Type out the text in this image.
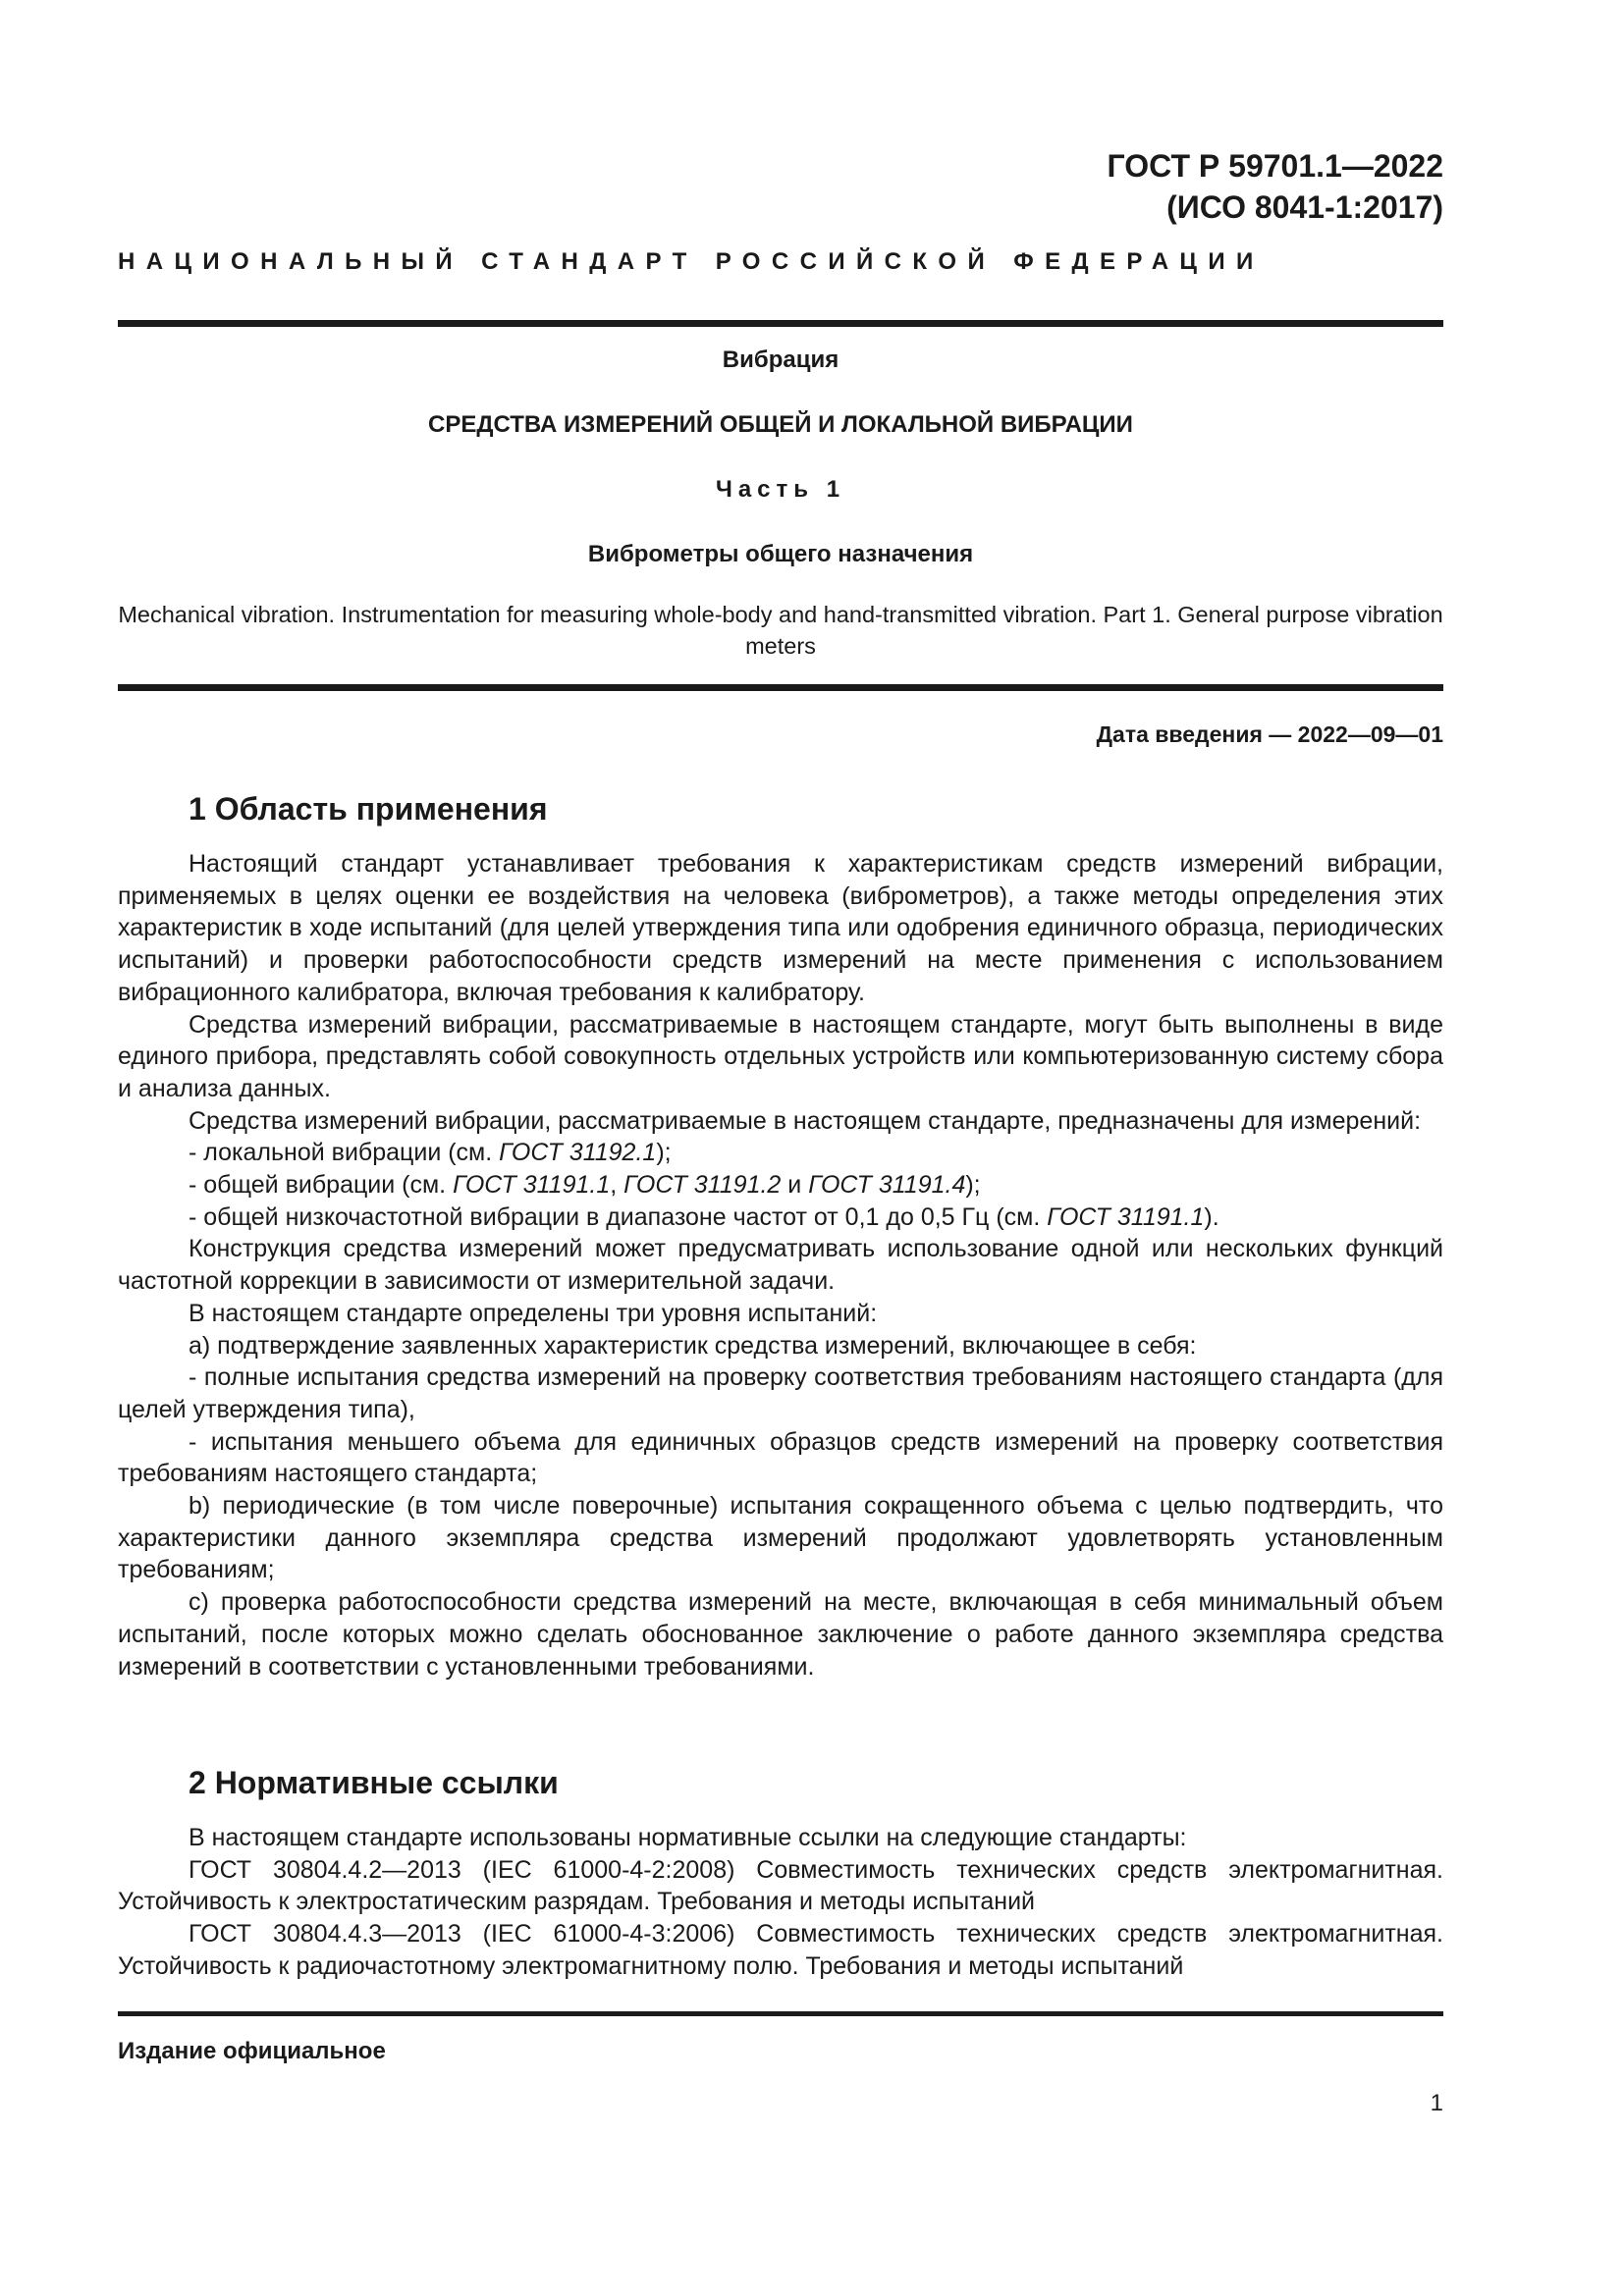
ГОСТ Р 59701.1—2022
(ИСО 8041-1:2017)
НАЦИОНАЛЬНЫЙ СТАНДАРТ РОССИЙСКОЙ ФЕДЕРАЦИИ
Вибрация
СРЕДСТВА ИЗМЕРЕНИЙ ОБЩЕЙ И ЛОКАЛЬНОЙ ВИБРАЦИИ
Часть 1
Виброметры общего назначения
Mechanical vibration. Instrumentation for measuring whole-body and hand-transmitted vibration. Part 1. General purpose vibration meters
Дата введения — 2022—09—01
1 Область применения

Настоящий стандарт устанавливает требования к характеристикам средств измерений вибрации, применяемых в целях оценки ее воздействия на человека (виброметров), а также методы определения этих характеристик в ходе испытаний (для целей утверждения типа или одобрения единичного образца, периодических испытаний) и проверки работоспособности средств измерений на месте применения с использованием вибрационного калибратора, включая требования к калибратору.

Средства измерений вибрации, рассматриваемые в настоящем стандарте, могут быть выполнены в виде единого прибора, представлять собой совокупность отдельных устройств или компьютеризованную систему сбора и анализа данных.

Средства измерений вибрации, рассматриваемые в настоящем стандарте, предназначены для измерений:

- локальной вибрации (см. ГОСТ 31192.1);

- общей вибрации (см. ГОСТ 31191.1, ГОСТ 31191.2 и ГОСТ 31191.4);

- общей низкочастотной вибрации в диапазоне частот от 0,1 до 0,5 Гц (см. ГОСТ 31191.1).

Конструкция средства измерений может предусматривать использование одной или нескольких функций частотной коррекции в зависимости от измерительной задачи.

В настоящем стандарте определены три уровня испытаний:

a) подтверждение заявленных характеристик средства измерений, включающее в себя:

- полные испытания средства измерений на проверку соответствия требованиям настоящего стандарта (для целей утверждения типа),

- испытания меньшего объема для единичных образцов средств измерений на проверку соответствия требованиям настоящего стандарта;

b) периодические (в том числе поверочные) испытания сокращенного объема с целью подтвердить, что характеристики данного экземпляра средства измерений продолжают удовлетворять установленным требованиям;

c) проверка работоспособности средства измерений на месте, включающая в себя минимальный объем испытаний, после которых можно сделать обоснованное заключение о работе данного экземпляра средства измерений в соответствии с установленными требованиями.

2 Нормативные ссылки

В настоящем стандарте использованы нормативные ссылки на следующие стандарты:

ГОСТ 30804.4.2—2013 (IEC 61000-4-2:2008) Совместимость технических средств электромагнитная. Устойчивость к электростатическим разрядам. Требования и методы испытаний

ГОСТ 30804.4.3—2013 (IEC 61000-4-3:2006) Совместимость технических средств электромагнитная. Устойчивость к радиочастотному электромагнитному полю. Требования и методы испытаний

Издание официальное
1
